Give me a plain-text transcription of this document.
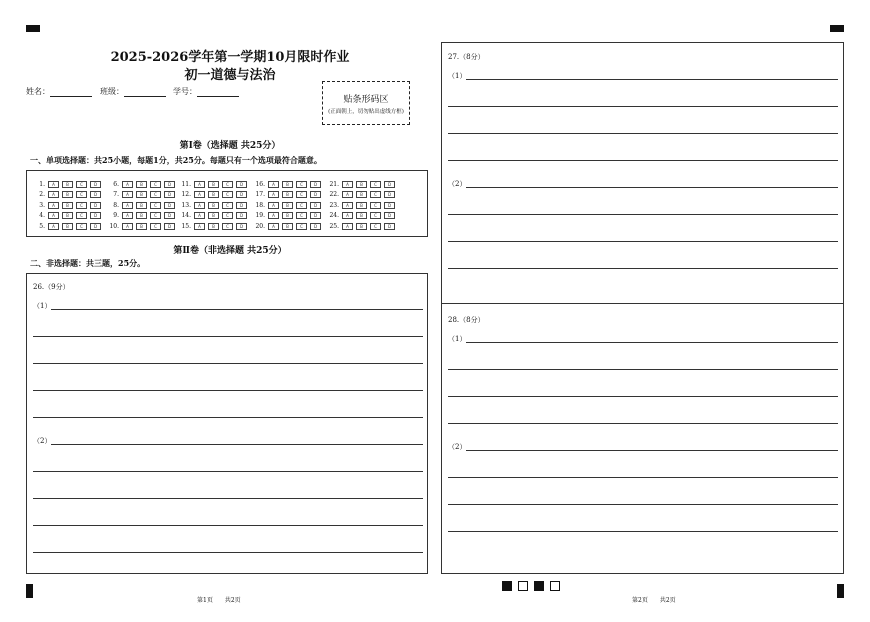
2025-2026学年第一学期10月限时作业
初一道德与法治
姓名：	班级：	学号：
贴条形码区
(正面朝上，切勿贴出虚线方框)
第Ⅰ卷（选择题 共25分）
一、单项选择题：共25小题，每题1分，共25分。每题只有一个选项最符合题意。
1.	A	B	C	D
2.	A	B	C	D
3.	A	B	C	D
4.	A	B	C	D
5.	A	B	C	D
6.	A	B	C	D
7.	A	B	C	D
8.	A	B	C	D
9.	A	B	C	D
10.	A	B	C	D
11.	A	B	C	D
12.	A	B	C	D
13.	A	B	C	D
14.	A	B	C	D
15.	A	B	C	D
16.	A	B	C	D
17.	A	B	C	D
18.	A	B	C	D
19.	A	B	C	D
20.	A	B	C	D
21.	A	B	C	D
22.	A	B	C	D
23.	A	B	C	D
24.	A	B	C	D
25.	A	B	C	D
第Ⅱ卷（非选择题 共25分）
二、非选择题：共三题，25分。
26.（9分）
（1）
（2）
27.（8分）
（1）
（2）
28.（8分）
（1）
（2）
第1页　　共2页	第2页　　共2页
